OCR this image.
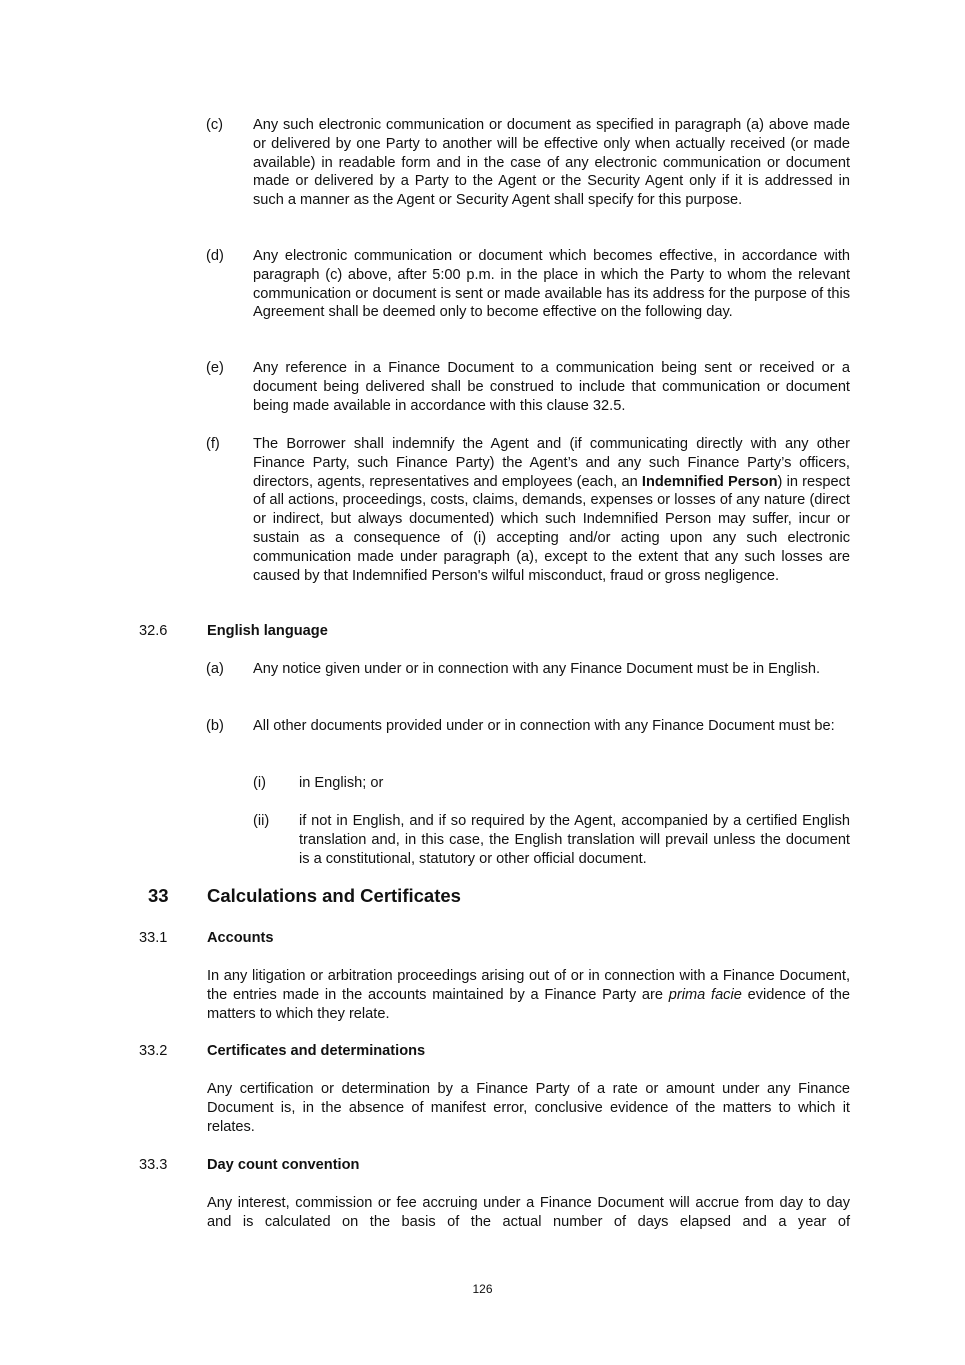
(c) Any such electronic communication or document as specified in paragraph (a) above made or delivered by one Party to another will be effective only when actually received (or made available) in readable form and in the case of any electronic communication or document made or delivered by a Party to the Agent or the Security Agent only if it is addressed in such a manner as the Agent or Security Agent shall specify for this purpose.

(d) Any electronic communication or document which becomes effective, in accordance with paragraph (c) above, after 5:00 p.m. in the place in which the Party to whom the relevant communication or document is sent or made available has its address for the purpose of this Agreement shall be deemed only to become effective on the following day.

(e) Any reference in a Finance Document to a communication being sent or received or a document being delivered shall be construed to include that communication or document being made available in accordance with this clause 32.5.

(f) The Borrower shall indemnify the Agent and (if communicating directly with any other Finance Party, such Finance Party) the Agent’s and any such Finance Party’s officers, directors, agents, representatives and employees (each, an Indemnified Person) in respect of all actions, proceedings, costs, claims, demands, expenses or losses of any nature (direct or indirect, but always documented) which such Indemnified Person may suffer, incur or sustain as a consequence of (i) accepting and/or acting upon any such electronic communication made under paragraph (a), except to the extent that any such losses are caused by that Indemnified Person's wilful misconduct, fraud or gross negligence.

32.6	English language
(a) Any notice given under or in connection with any Finance Document must be in English.

(b) All other documents provided under or in connection with any Finance Document must be:

(i) in English; or

(ii) if not in English, and if so required by the Agent, accompanied by a certified English translation and, in this case, the English translation will prevail unless the document is a constitutional, statutory or other official document.

33 Calculations and Certificates
33.1	Accounts

In any litigation or arbitration proceedings arising out of or in connection with a Finance Document, the entries made in the accounts maintained by a Finance Party are prima facie evidence of the matters to which they relate.

33.2	Certificates and determinations

Any certification or determination by a Finance Party of a rate or amount under any Finance Document is, in the absence of manifest error, conclusive evidence of the matters to which it relates.

33.3	Day count convention

Any interest, commission or fee accruing under a Finance Document will accrue from day to day and is calculated on the basis of the actual number of days elapsed and a year of

126
